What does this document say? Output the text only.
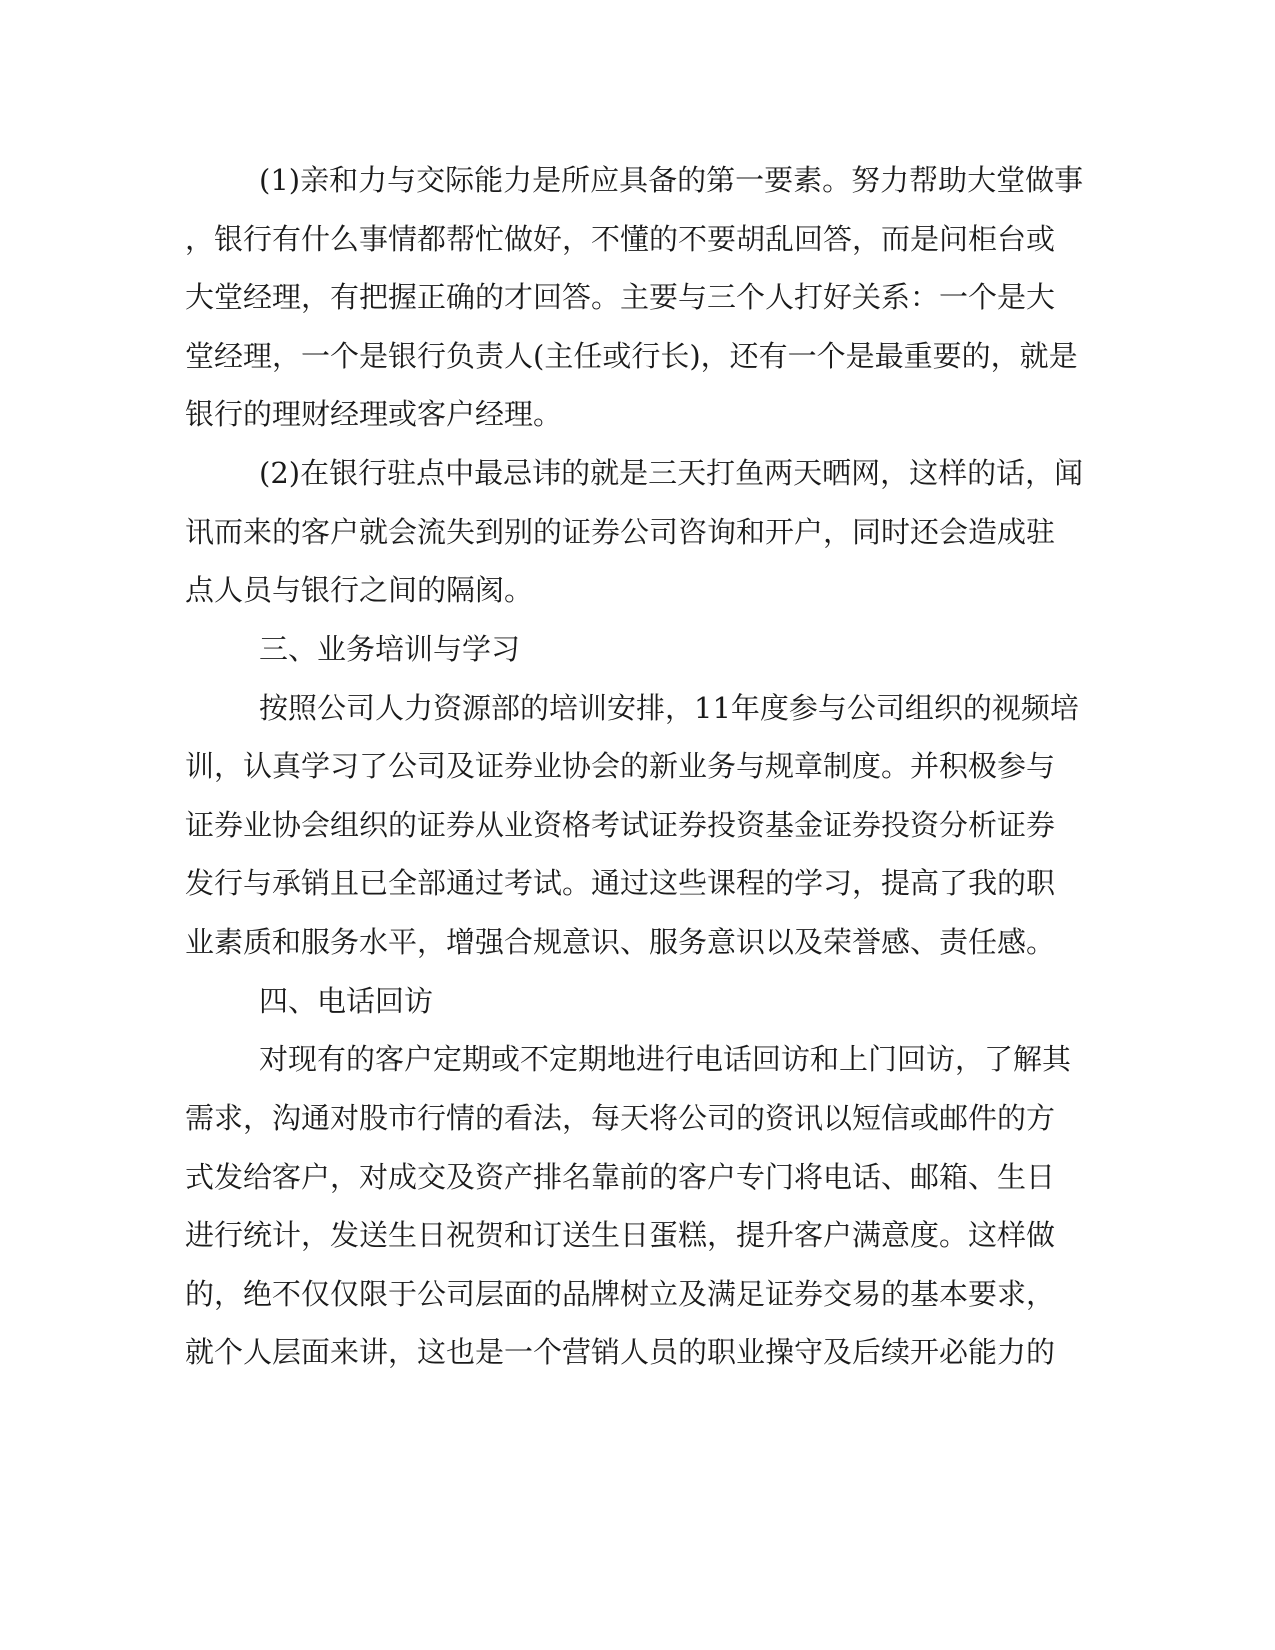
(1)亲和力与交际能力是所应具备的第一要素。努力帮助大堂做事
，银行有什么事情都帮忙做好，不懂的不要胡乱回答，而是问柜台或
大堂经理，有把握正确的才回答。主要与三个人打好关系：一个是大
堂经理，一个是银行负责人(主任或行长)，还有一个是最重要的，就是
银行的理财经理或客户经理。
(2)在银行驻点中最忌讳的就是三天打鱼两天晒网，这样的话，闻
讯而来的客户就会流失到别的证券公司咨询和开户，同时还会造成驻
点人员与银行之间的隔阂。
三、业务培训与学习
按照公司人力资源部的培训安排，11年度参与公司组织的视频培
训，认真学习了公司及证券业协会的新业务与规章制度。并积极参与
证券业协会组织的证券从业资格考试证券投资基金证券投资分析证券
发行与承销且已全部通过考试。通过这些课程的学习，提高了我的职
业素质和服务水平，增强合规意识、服务意识以及荣誉感、责任感。
四、电话回访
对现有的客户定期或不定期地进行电话回访和上门回访，了解其
需求，沟通对股市行情的看法，每天将公司的资讯以短信或邮件的方
式发给客户，对成交及资产排名靠前的客户专门将电话、邮箱、生日
进行统计，发送生日祝贺和订送生日蛋糕，提升客户满意度。这样做
的，绝不仅仅限于公司层面的品牌树立及满足证券交易的基本要求，
就个人层面来讲，这也是一个营销人员的职业操守及后续开必能力的
